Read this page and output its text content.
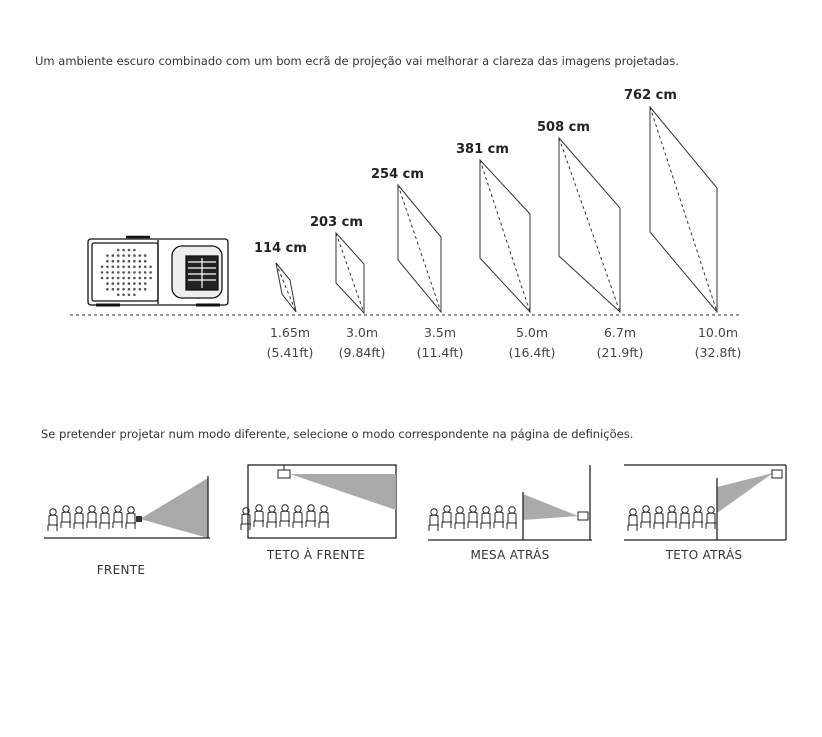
Um ambiente escuro combinado com um bom ecrã de projeção vai melhorar a clareza das imagens projetadas.
114 cm
203 cm
254 cm
381 cm
508 cm
762 cm
1.65m
(5.41ft)
3.0m
(9.84ft)
3.5m
(11.4ft)
5.0m
(16.4ft)
6.7m
(21.9ft)
10.0m
(32.8ft)
Se pretender projetar num modo diferente, selecione o modo correspondente na página de definições.
FRENTE
TETO À FRENTE	MESA ATRÁS	TETO ATRÁS
